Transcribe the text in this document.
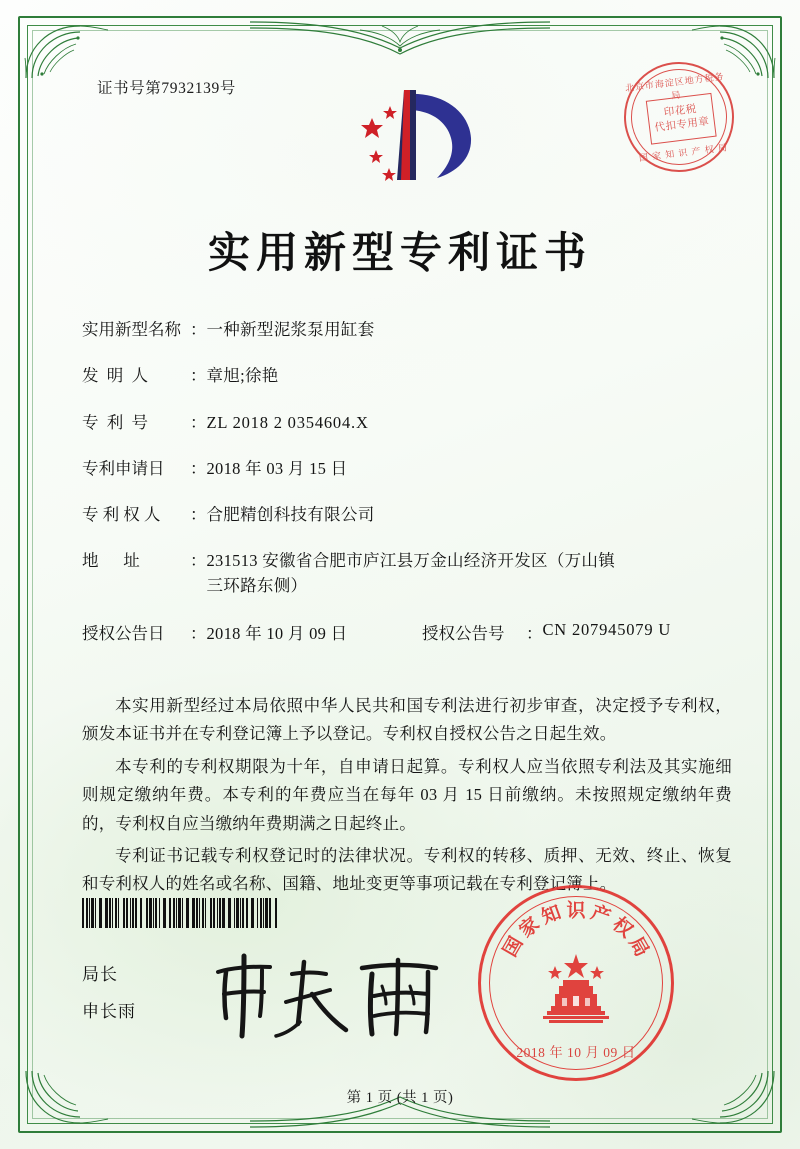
证书号第7932139号	北京市海淀区地方税务局
国 家 知 识 产 权 局
印花税
代扣专用章
实用新型专利证书
实用新型名称 ： 一种新型泥浆泵用缸套
发  明  人	： 章旭;徐艳
专  利  号	： ZL 2018 2 0354604.X
专利申请日	： 2018 年 03 月 15 日
专 利 权 人	： 合肥精创科技有限公司
地      址	： 231513 安徽省合肥市庐江县万金山经济开发区（万山镇
三环路东侧）
授权公告日	： 2018 年 10 月 09 日	授权公告号	： CN 207945079 U

本实用新型经过本局依照中华人民共和国专利法进行初步审查，决定授予专利权，颁发本证书并在专利登记簿上予以登记。专利权自授权公告之日起生效。

本专利的专利权期限为十年，自申请日起算。专利权人应当依照专利法及其实施细则规定缴纳年费。本专利的年费应当在每年 03 月 15 日前缴纳。未按照规定缴纳年费的，专利权自应当缴纳年费期满之日起终止。

专利证书记载专利权登记时的法律状况。专利权的转移、质押、无效、终止、恢复和专利权人的姓名或名称、国籍、地址变更等事项记载在专利登记簿上。

局长
申长雨
国
家
知 识 产
权
局
2018 年 10 月 09 日
第 1 页 (共 1 页)
